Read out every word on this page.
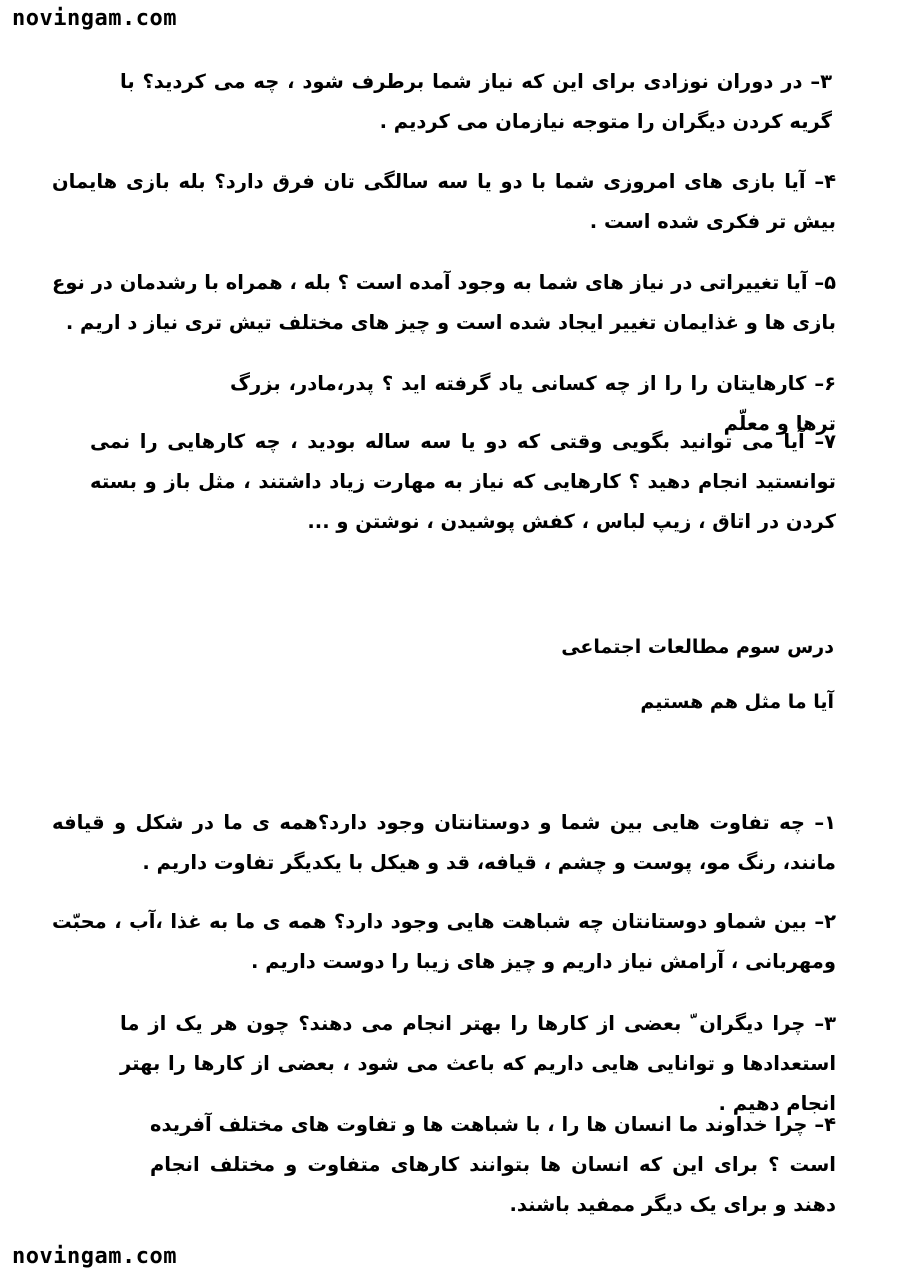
novingam.com

۳– در دوران نوزادی برای این که نیاز شما برطرف شود ، چه می کردید؟ با گریه کردن دیگران را متوجه نیازمان می کردیم .

۴– آیا بازی های امروزی شما با دو یا سه سالگی تان فرق دارد؟ بله بازی هایمان بیش تر فکری شده است .

۵– آیا تغییراتی در نیاز های شما به وجود آمده است ؟ بله ، همراه با رشدمان در نوع بازی ها و غذایمان تغییر ایجاد شده است و چیز های مختلف تیش تری نیاز د اریم .

۶– کارهایتان را را از چه کسانی یاد گرفته اید ؟ پدر،مادر، بزرگ ترها و معلّم

۷– آیا می توانید بگویی وقتی که دو یا سه ساله بودید ، چه کارهایی را نمی توانستید انجام دهید ؟ کارهایی که نیاز به مهارت زیاد داشتند ، مثل باز و بسته کردن در اتاق ، زیپ لباس ، کفش پوشیدن ، نوشتن و ...

درس سوم مطالعات اجتماعی
آیا ما مثل هم هستیم

۱– چه تفاوت هایی بین شما و دوستانتان وجود دارد؟همه ی ما در شکل و قیافه مانند، رنگ مو، پوست و چشم ، قیافه، قد و هیکل با یکدیگر تفاوت داریم .

۲– بین شماو دوستانتان چه شباهت هایی وجود دارد؟ همه ی ما به غذا ،آب ، محبّت ومهربانی ، آرامش نیاز داریم و چیز های زیبا را دوست داریم .

۳– چرا دیگران ّ بعضی از کارها را بهتر انجام می دهند؟ چون هر یک از ما استعدادها و توانایی هایی داریم که باعث می شود ، بعضی از کارها را بهتر انجام دهیم .

۴– چرا خداوند ما انسان ها را ، با شباهت ها و تفاوت های مختلف آفریده است ؟ برای این که انسان ها بتوانند کارهای متفاوت و مختلف انجام دهند و برای یک دیگر ممفید باشند.

novingam.com
